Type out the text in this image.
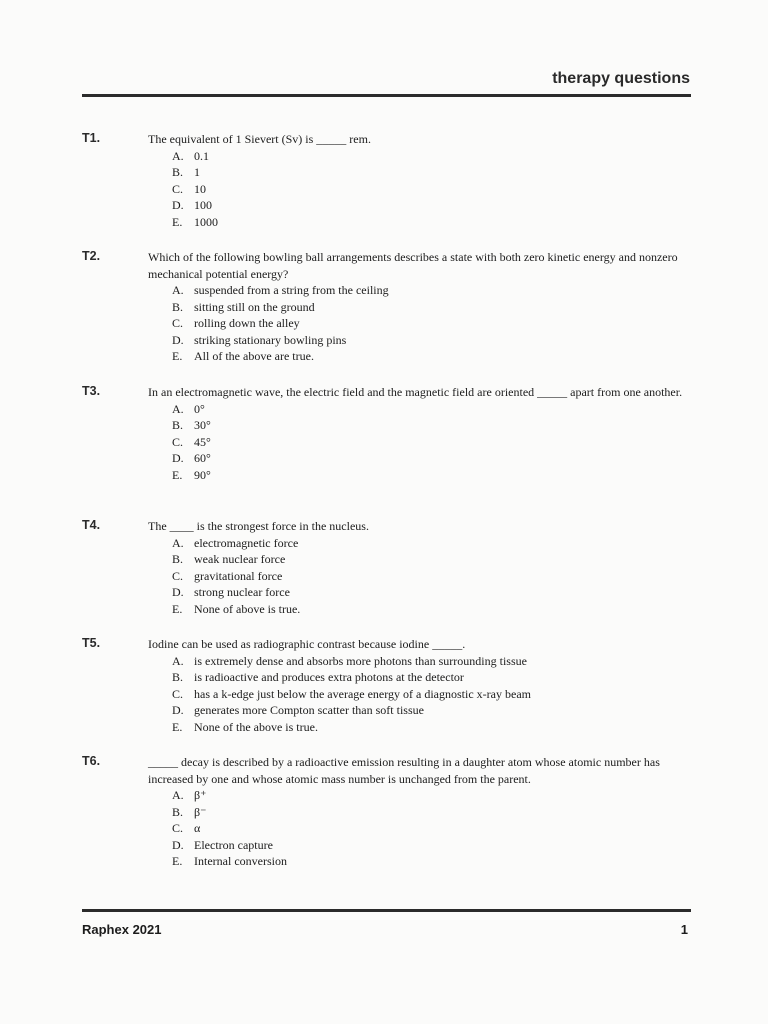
therapy questions
T1.	The equivalent of 1 Sievert (Sv) is _____ rem.
A. 0.1
B. 1
C. 10
D. 100
E. 1000
T2.	Which of the following bowling ball arrangements describes a state with both zero kinetic energy and nonzero mechanical potential energy?
A. suspended from a string from the ceiling
B. sitting still on the ground
C. rolling down the alley
D. striking stationary bowling pins
E. All of the above are true.
T3.	In an electromagnetic wave, the electric field and the magnetic field are oriented _____ apart from one another.
A. 0°
B. 30°
C. 45°
D. 60°
E. 90°
T4.	The ____ is the strongest force in the nucleus.
A. electromagnetic force
B. weak nuclear force
C. gravitational force
D. strong nuclear force
E. None of above is true.
T5.	Iodine can be used as radiographic contrast because iodine _____.
A. is extremely dense and absorbs more photons than surrounding tissue
B. is radioactive and produces extra photons at the detector
C. has a k-edge just below the average energy of a diagnostic x-ray beam
D. generates more Compton scatter than soft tissue
E. None of the above is true.
T6.	_____ decay is described by a radioactive emission resulting in a daughter atom whose atomic number has increased by one and whose atomic mass number is unchanged from the parent.
A. β⁺
B. β⁻
C. α
D. Electron capture
E. Internal conversion
Raphex 2021	1
